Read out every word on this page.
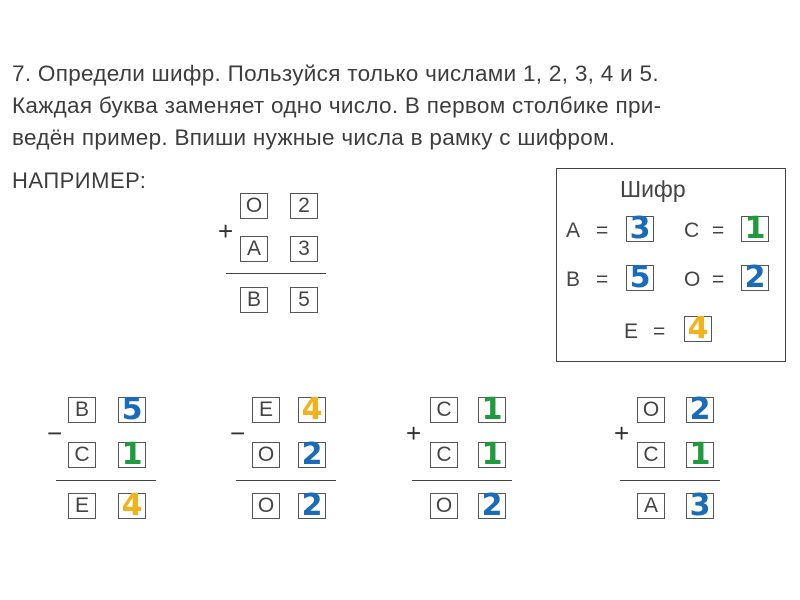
7. Определи шифр. Пользуйся только числами 1, 2, 3, 4 и 5.
Каждая буква заменяет одно число. В первом столбике при-
ведён пример. Впиши нужные числа в рамку с шифром.
НАПРИМЕР:
+
О	2
А	3
В	5
Шифр
А = 3	С = 1
В = 5	О = 2
Е = 4
−
В 5
С 1
Е 4
−
Е 4
О 2
О 2
+
С 1
С 1
О 2
+
О 2
С 1
А 3
